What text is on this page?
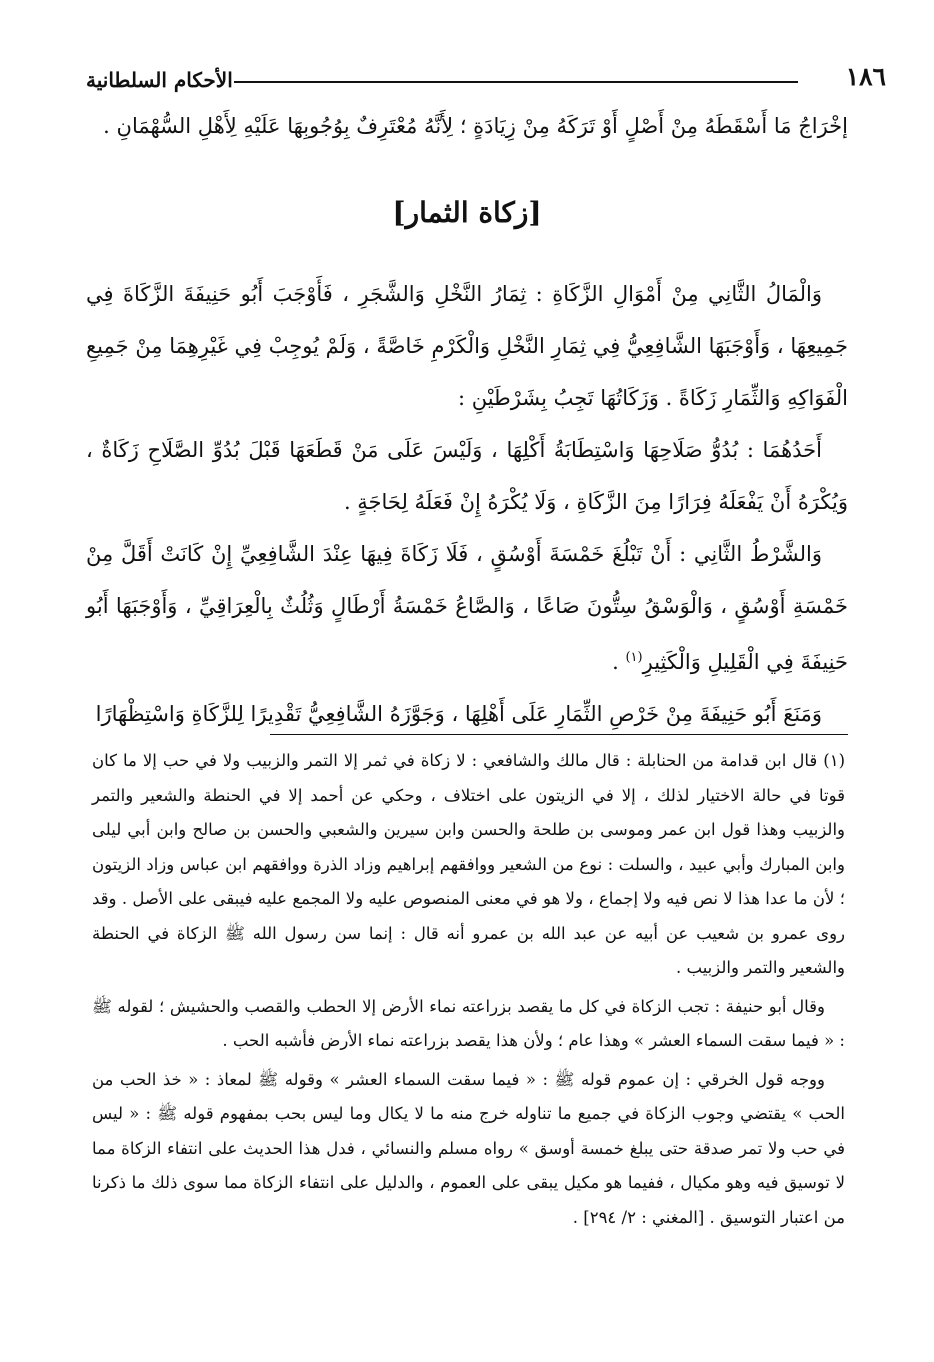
١٨٦
الأحكام السلطانية

إخْرَاجُ مَا أَسْقَطَهُ مِنْ أَصْلٍ أَوْ تَرَكَهُ مِنْ زِيَادَةٍ ؛ لِأَنَّهُ مُعْتَرِفٌ بِوُجُوبِهَا عَلَيْهِ لِأَهْلِ السُّهْمَانِ .

[زكاة الثمار]

وَالْمَالُ الثَّانِي مِنْ أَمْوَالِ الزَّكَاةِ : ثِمَارُ النَّخْلِ وَالشَّجَرِ ، فَأَوْجَبَ أَبُو حَنِيفَةَ الزَّكَاةَ فِي جَمِيعِهَا ، وَأَوْجَبَهَا الشَّافِعِيُّ فِي ثِمَارِ النَّخْلِ وَالْكَرْمِ خَاصَّةً ، وَلَمْ يُوجِبْ فِي غَيْرِهِمَا مِنْ جَمِيعِ الْفَوَاكِهِ وَالثِّمَارِ زَكَاةً . وَزَكَاتُهَا تَجِبُ بِشَرْطَيْنِ :

أَحَدُهُمَا : بُدُوُّ صَلَاحِهَا وَاسْتِطَابَةُ أَكْلِهَا ، وَلَيْسَ عَلَى مَنْ قَطَعَهَا قَبْلَ بُدُوِّ الصَّلَاحِ زَكَاةٌ ، وَيُكْرَهُ أَنْ يَفْعَلَهُ فِرَارًا مِنَ الزَّكَاةِ ، وَلَا يُكْرَهُ إِنْ فَعَلَهُ لِحَاجَةٍ .

وَالشَّرْطُ الثَّانِي : أَنْ تَبْلُغَ خَمْسَةَ أَوْسُقٍ ، فَلَا زَكَاةَ فِيهَا عِنْدَ الشَّافِعِيِّ إِنْ كَانَتْ أَقَلَّ مِنْ خَمْسَةِ أَوْسُقٍ ، وَالْوَسْقُ سِتُّونَ صَاعًا ، وَالصَّاعُ خَمْسَةُ أَرْطَالٍ وَثُلُثٌ بِالْعِرَاقِيِّ ، وَأَوْجَبَهَا أَبُو حَنِيفَةَ فِي الْقَلِيلِ وَالْكَثِيرِ$^{(١)}$ .

وَمَنَعَ أَبُو حَنِيفَةَ مِنْ خَرْصِ الثِّمَارِ عَلَى أَهْلِهَا ، وَجَوَّزَهُ الشَّافِعِيُّ تَقْدِيرًا لِلزَّكَاةِ وَاسْتِظْهَارًا

(١) قال ابن قدامة من الحنابلة : قال مالك والشافعي : لا زكاة في ثمر إلا التمر والزبيب ولا في حب إلا ما كان قوتا في حالة الاختيار لذلك ، إلا في الزيتون على اختلاف ، وحكي عن أحمد إلا في الحنطة والشعير والتمر والزبيب وهذا قول ابن عمر وموسى بن طلحة والحسن وابن سيرين والشعبي والحسن بن صالح وابن أبي ليلى وابن المبارك وأبي عبيد ، والسلت : نوع من الشعير ووافقهم إبراهيم وزاد الذرة ووافقهم ابن عباس وزاد الزيتون ؛ لأن ما عدا هذا لا نص فيه ولا إجماع ، ولا هو في معنى المنصوص عليه ولا المجمع عليه فيبقى على الأصل . وقد روى عمرو بن شعيب عن أبيه عن عبد الله بن عمرو أنه قال : إنما سن رسول الله ﷺ الزكاة في الحنطة والشعير والتمر والزبيب .

وقال أبو حنيفة : تجب الزكاة في كل ما يقصد بزراعته نماء الأرض إلا الحطب والقصب والحشيش ؛ لقوله ﷺ : « فيما سقت السماء العشر » وهذا عام ؛ ولأن هذا يقصد بزراعته نماء الأرض فأشبه الحب .

ووجه قول الخرقي : إن عموم قوله ﷺ : « فيما سقت السماء العشر » وقوله ﷺ لمعاذ : « خذ الحب من الحب » يقتضي وجوب الزكاة في جميع ما تناوله خرج منه ما لا يكال وما ليس بحب بمفهوم قوله ﷺ : « ليس في حب ولا تمر صدقة حتى يبلغ خمسة أوسق » رواه مسلم والنسائي ، فدل هذا الحديث على انتفاء الزكاة مما لا توسيق فيه وهو مكيال ، ففيما هو مكيل يبقى على العموم ، والدليل على انتفاء الزكاة مما سوى ذلك ما ذكرنا من اعتبار التوسيق . [المغني : ٢/ ٢٩٤] .
